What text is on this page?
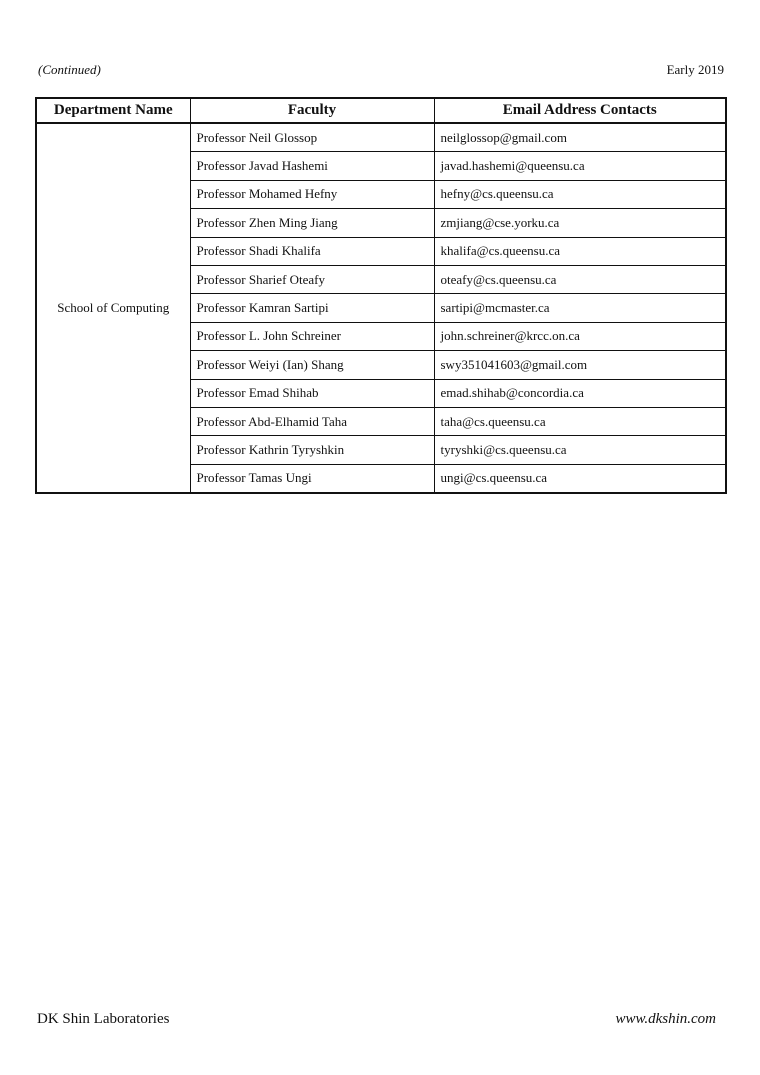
(Continued)	Early 2019
Department Name	Faculty	Email Address Contacts
School of Computing	Professor Neil Glossop	neilglossop@gmail.com
	Professor Javad Hashemi	javad.hashemi@queensu.ca
	Professor Mohamed Hefny	hefny@cs.queensu.ca
	Professor Zhen Ming Jiang	zmjiang@cse.yorku.ca
	Professor Shadi Khalifa	khalifa@cs.queensu.ca
	Professor Sharief Oteafy	oteafy@cs.queensu.ca
	Professor Kamran Sartipi	sartipi@mcmaster.ca
	Professor L. John Schreiner	john.schreiner@krcc.on.ca
	Professor Weiyi (Ian) Shang	swy351041603@gmail.com
	Professor Emad Shihab	emad.shihab@concordia.ca
	Professor Abd-Elhamid Taha	taha@cs.queensu.ca
	Professor Kathrin Tyryshkin	tyryshki@cs.queensu.ca
	Professor Tamas Ungi	ungi@cs.queensu.ca
DK Shin Laboratories	www.dkshin.com
